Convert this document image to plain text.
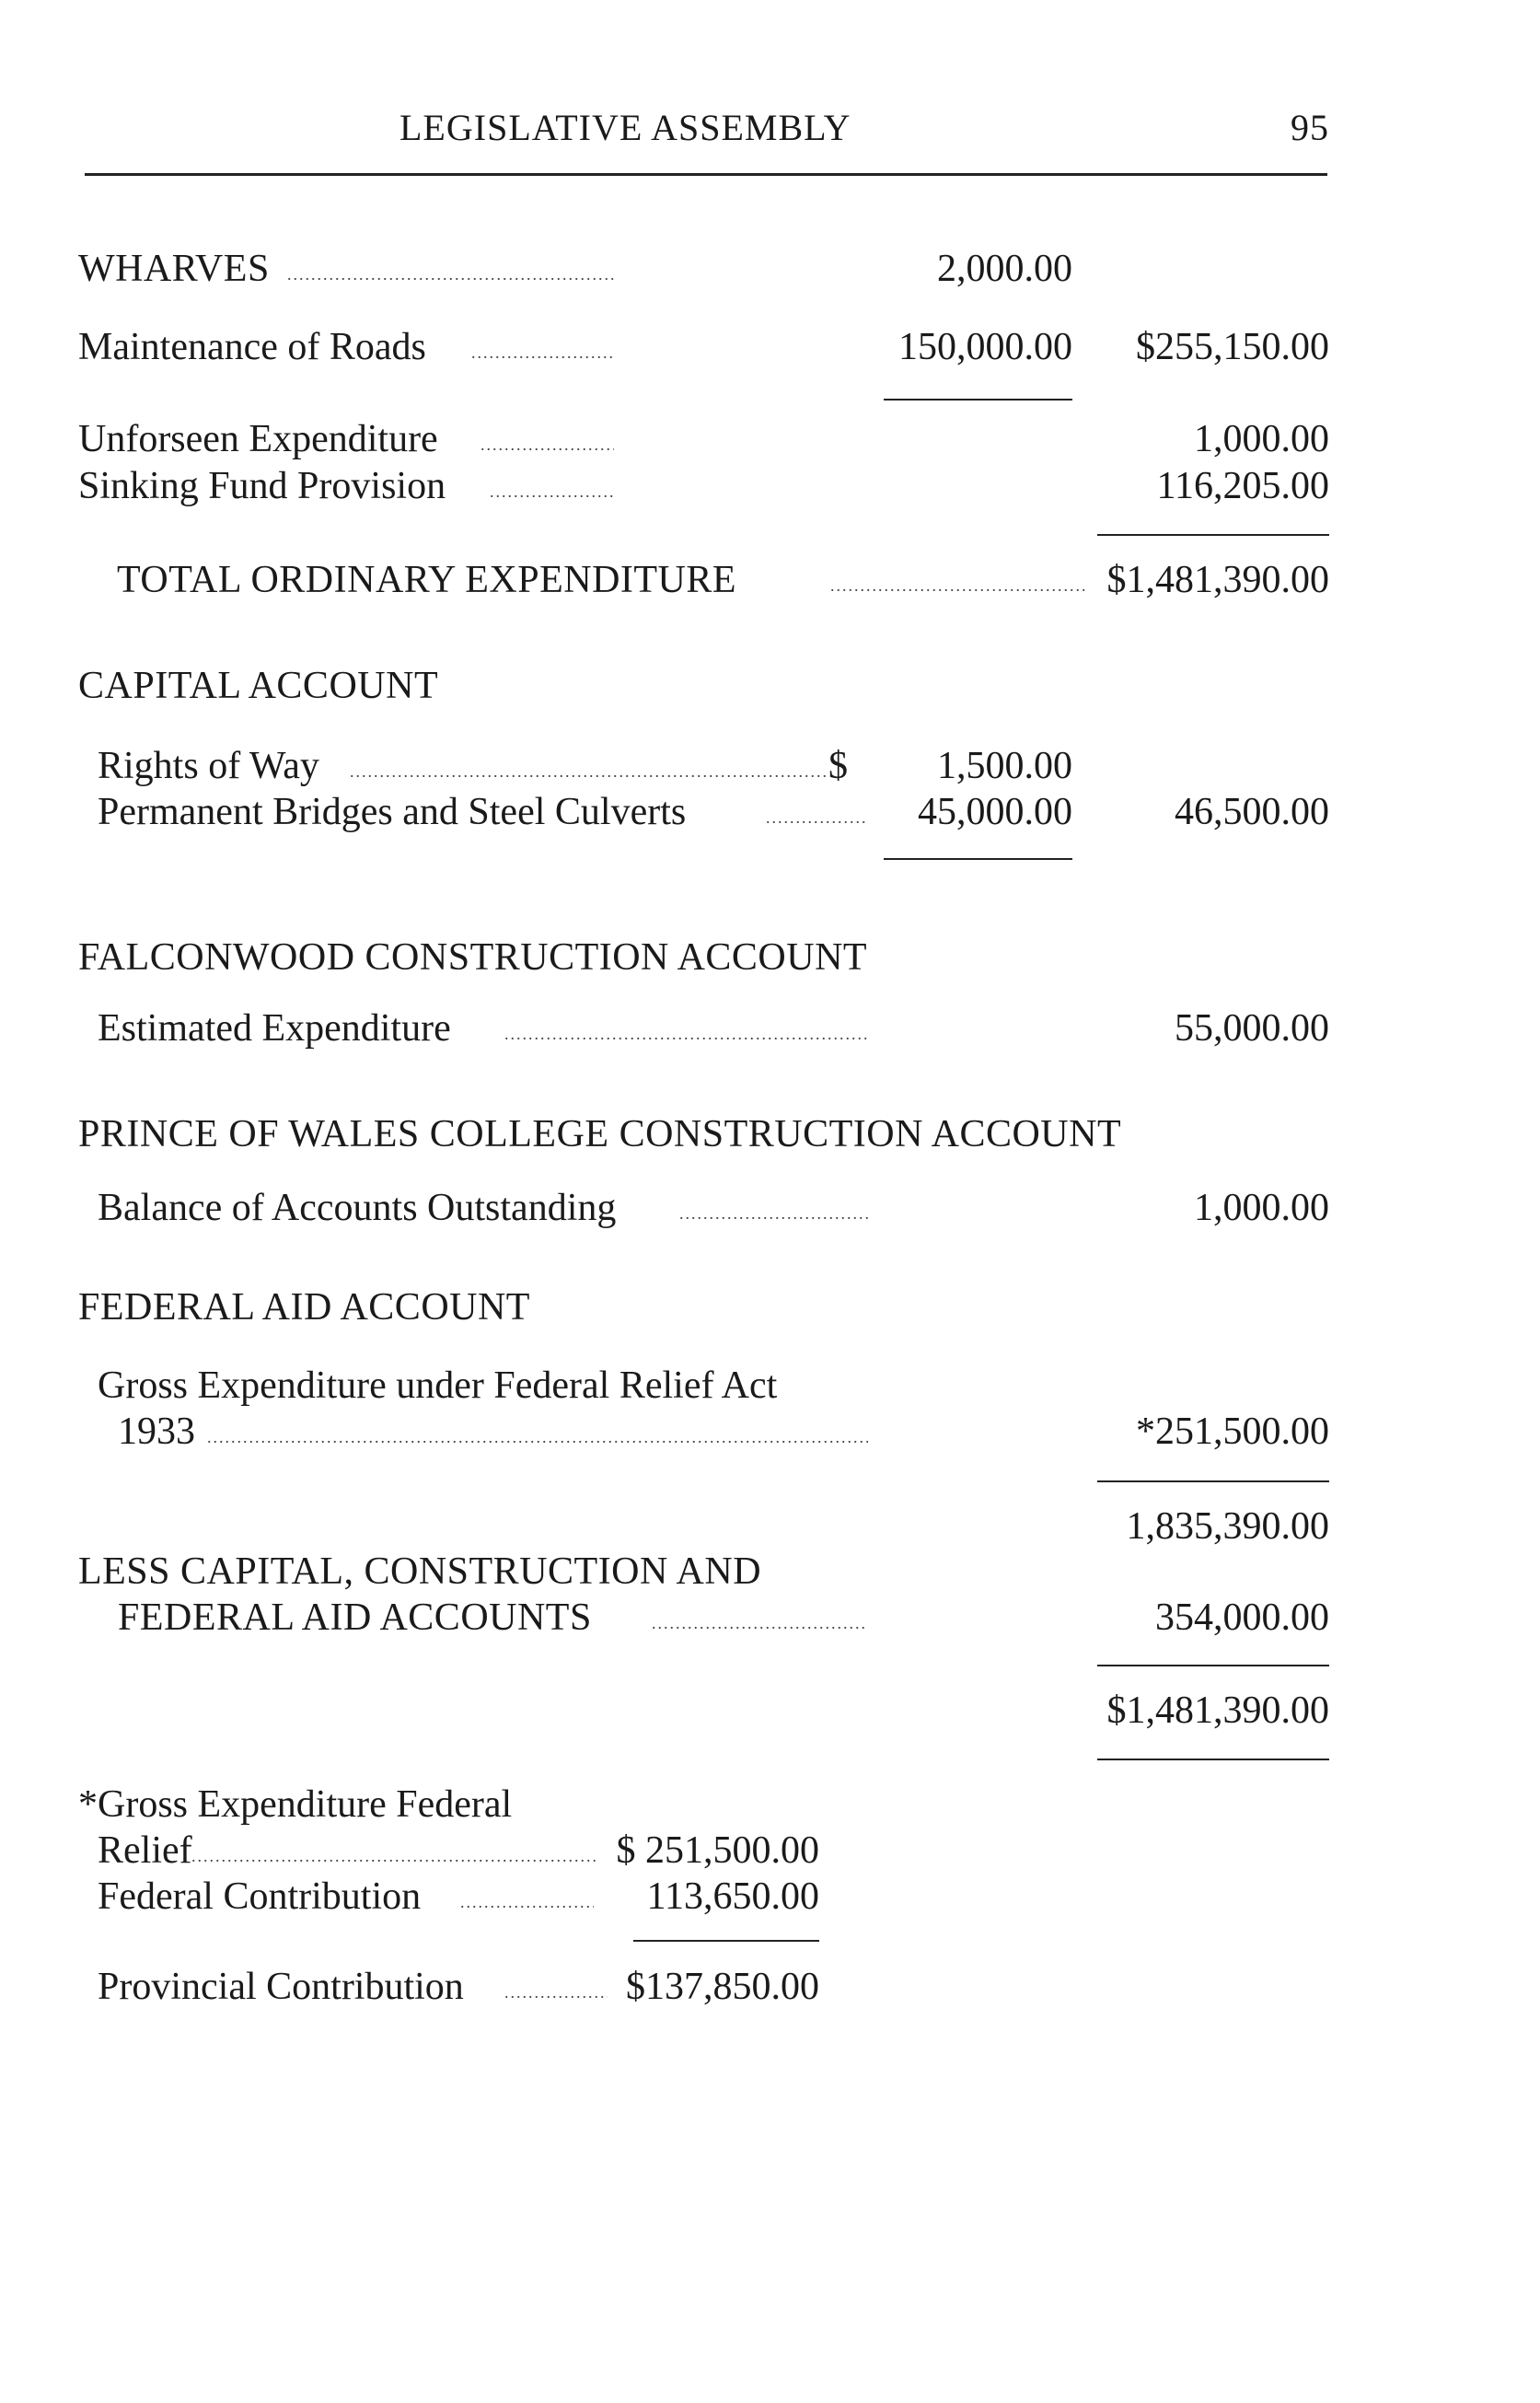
LEGISLATIVE ASSEMBLY	95
WHARVES .....	2,000.00
Maintenance of Roads .....	150,000.00	$255,150.00
Unforseen Expenditure .....	1,000.00
Sinking Fund Provision .....	116,205.00
TOTAL ORDINARY EXPENDITURE .....	$1,481,390.00
CAPITAL ACCOUNT
Rights of Way .....	$	1,500.00
Permanent Bridges and Steel Culverts .....	45,000.00	46,500.00
FALCONWOOD CONSTRUCTION ACCOUNT
Estimated Expenditure .....	55,000.00
PRINCE OF WALES COLLEGE CONSTRUCTION ACCOUNT
Balance of Accounts Outstanding .....	1,000.00
FEDERAL AID ACCOUNT
Gross Expenditure under Federal Relief Act
1933 .....	*251,500.00
1,835,390.00
LESS CAPITAL, CONSTRUCTION AND
FEDERAL AID ACCOUNTS .....	354,000.00
$1,481,390.00
*Gross Expenditure Federal
Relief .....	$ 251,500.00
Federal Contribution .....	113,650.00
Provincial Contribution .....	$137,850.00
